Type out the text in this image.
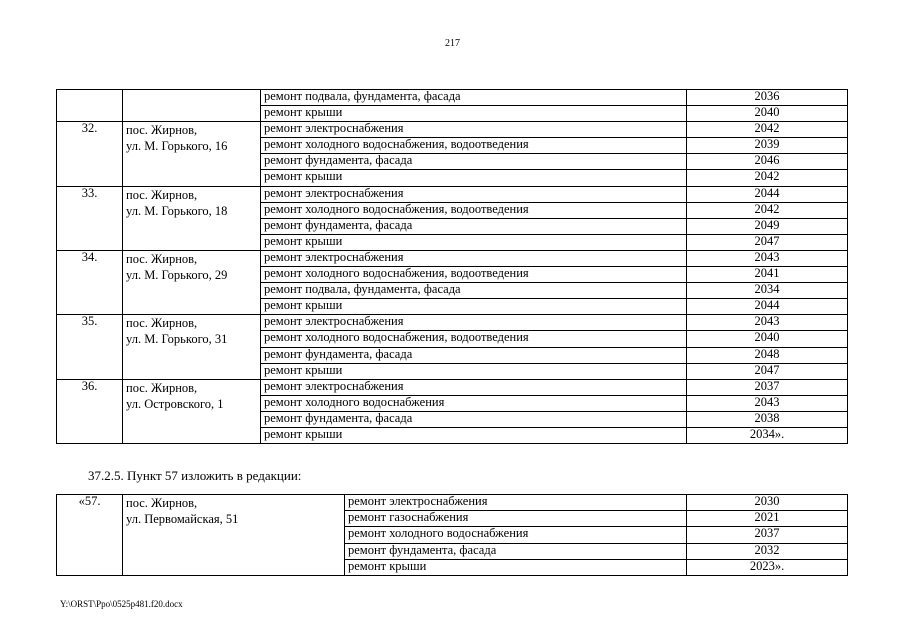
217
		ремонт подвала, фундамента, фасада	2036
		ремонт крыши	2040
32.	пос. Жирнов,
ул. М. Горького, 16	ремонт электроснабжения	2042
		ремонт холодного водоснабжения, водоотведения	2039
		ремонт фундамента, фасада	2046
		ремонт крыши	2042
33.	пос. Жирнов,
ул. М. Горького, 18	ремонт электроснабжения	2044
		ремонт холодного водоснабжения, водоотведения	2042
		ремонт фундамента, фасада	2049
		ремонт крыши	2047
34.	пос. Жирнов,
ул. М. Горького, 29	ремонт электроснабжения	2043
		ремонт холодного водоснабжения, водоотведения	2041
		ремонт подвала, фундамента, фасада	2034
		ремонт крыши	2044
35.	пос. Жирнов,
ул. М. Горького, 31	ремонт электроснабжения	2043
		ремонт холодного водоснабжения, водоотведения	2040
		ремонт фундамента, фасада	2048
		ремонт крыши	2047
36.	пос. Жирнов,
ул. Островского, 1	ремонт электроснабжения	2037
		ремонт холодного водоснабжения	2043
		ремонт фундамента, фасада	2038
		ремонт крыши	2034».
37.2.5. Пункт 57 изложить в редакции:
«57.	пос. Жирнов,
ул. Первомайская, 51	ремонт электроснабжения	2030
		ремонт газоснабжения	2021
		ремонт холодного водоснабжения	2037
		ремонт фундамента, фасада	2032
		ремонт крыши	2023».
Y:\ORST\Ppo\0525p481.f20.docx
